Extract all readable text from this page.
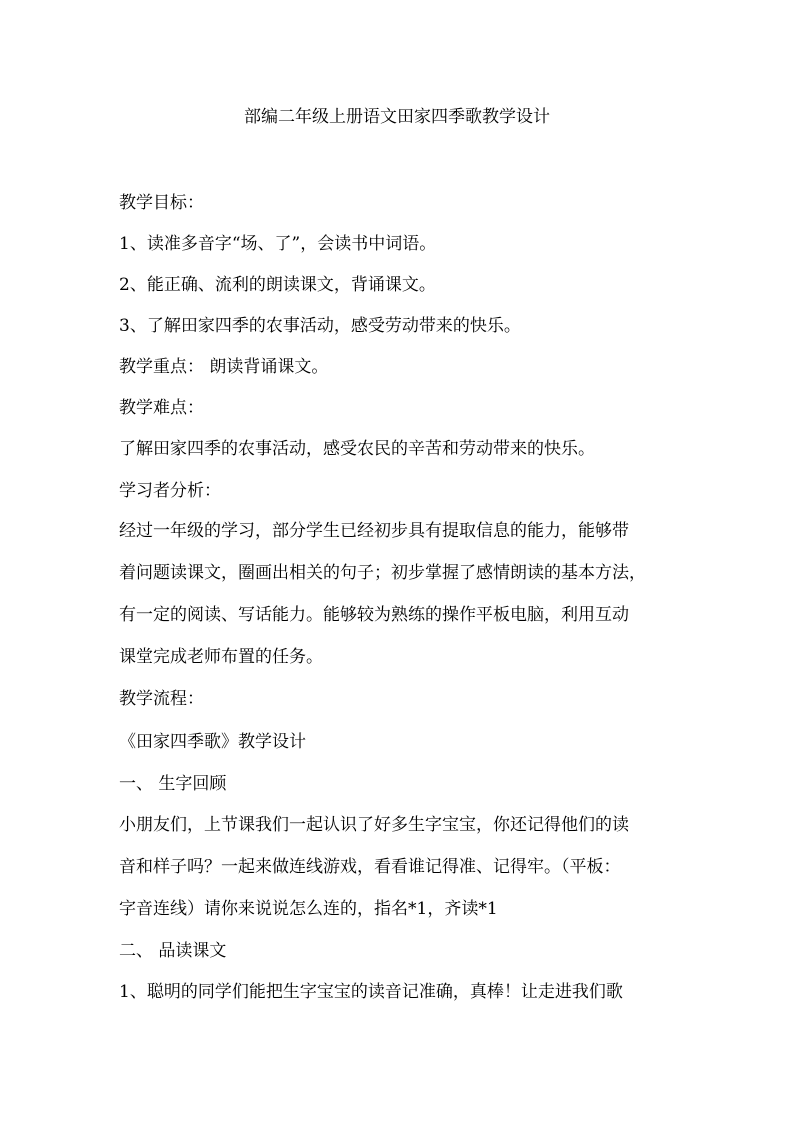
部编二年级上册语文田家四季歌教学设计
教学目标：
1、读准多音字“场、了”，会读书中词语。
2、能正确、流利的朗读课文，背诵课文。
3、了解田家四季的农事活动，感受劳动带来的快乐。
教学重点： 朗读背诵课文。
教学难点：
了解田家四季的农事活动，感受农民的辛苦和劳动带来的快乐。
学习者分析：
经过一年级的学习，部分学生已经初步具有提取信息的能力，能够带
着问题读课文，圈画出相关的句子；初步掌握了感情朗读的基本方法，
有一定的阅读、写话能力。能够较为熟练的操作平板电脑，利用互动
课堂完成老师布置的任务。
教学流程：
《田家四季歌》教学设计
一、 生字回顾
小朋友们，上节课我们一起认识了好多生字宝宝，你还记得他们的读
音和样子吗？一起来做连线游戏，看看谁记得准、记得牢。（平板：
字音连线）请你来说说怎么连的，指名*1，齐读*1
二、 品读课文
1、聪明的同学们能把生字宝宝的读音记准确，真棒！让走进我们歌
